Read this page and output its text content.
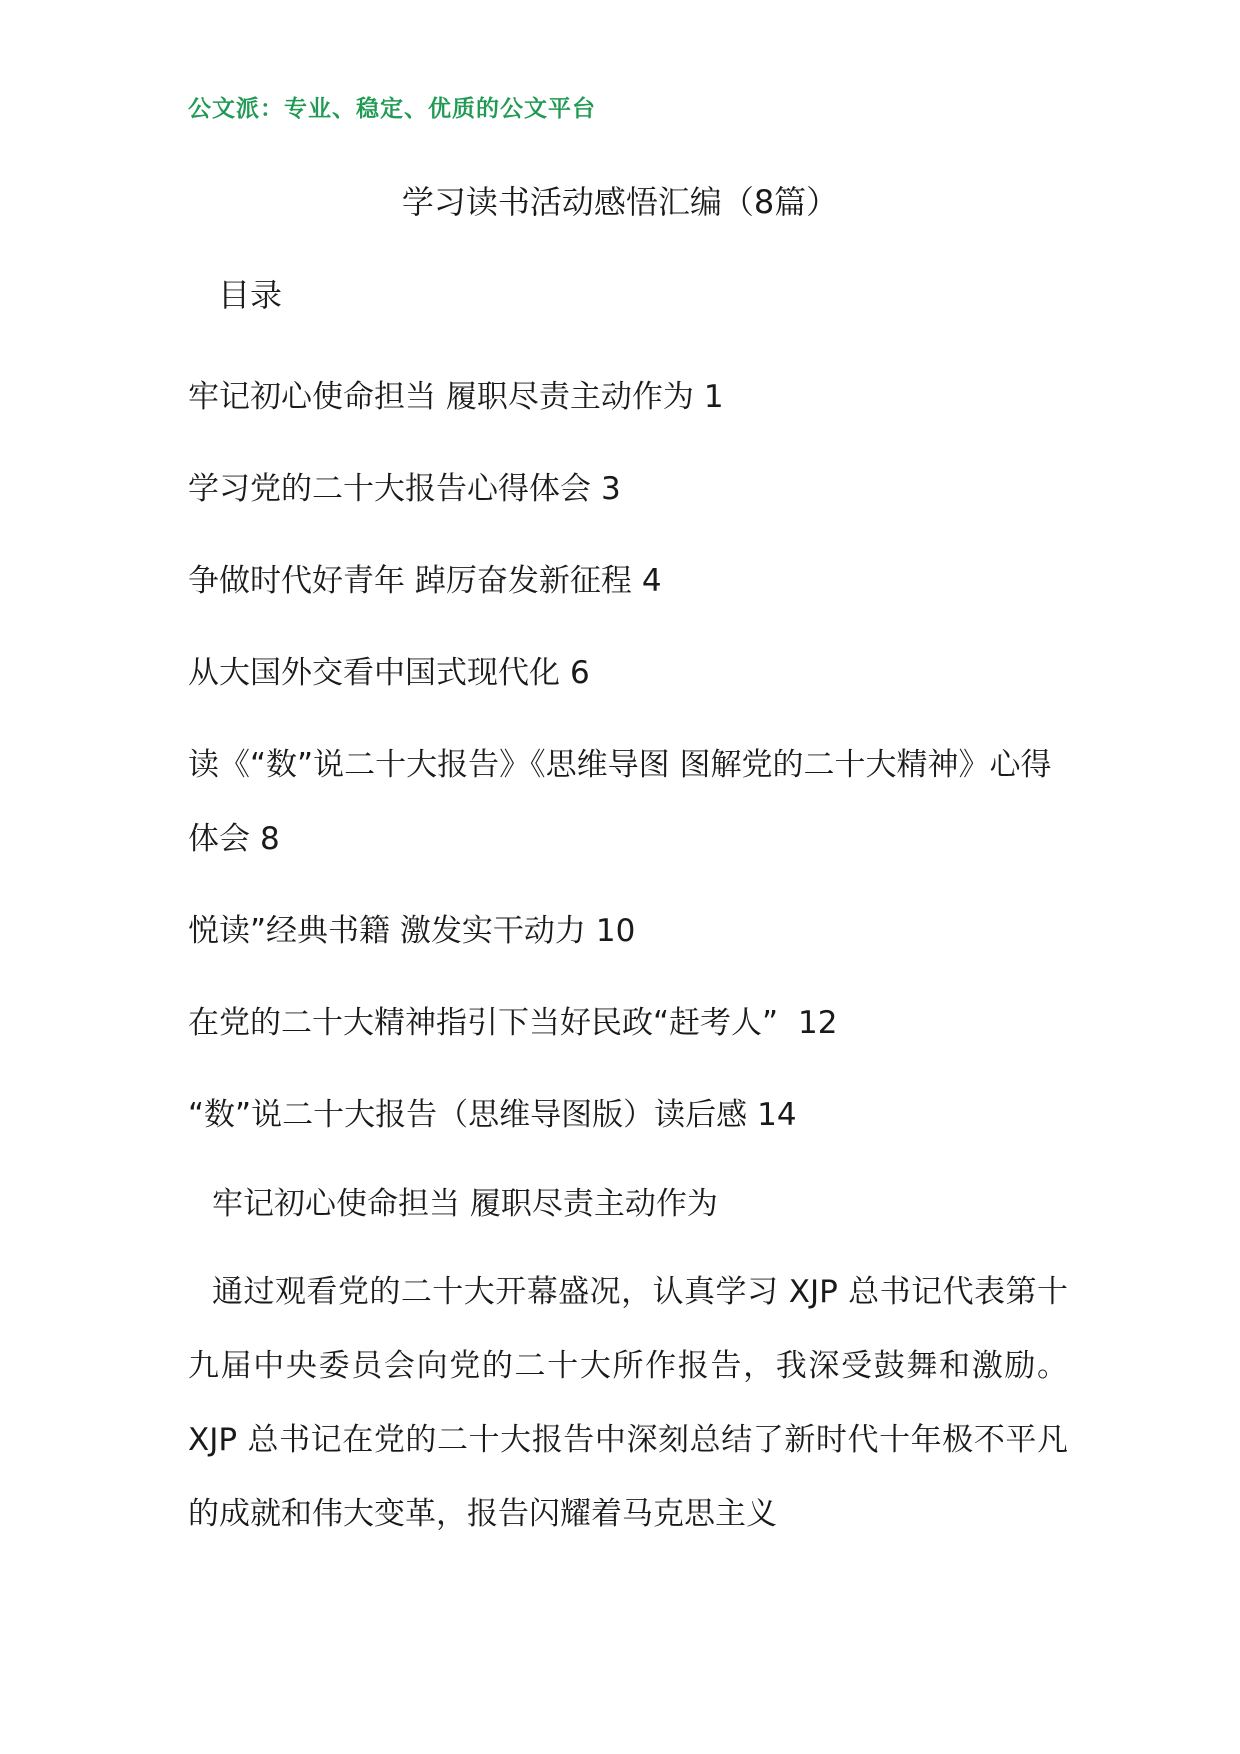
公文派：专业、稳定、优质的公文平台
学习读书活动感悟汇编（8篇）
目录
牢记初心使命担当 履职尽责主动作为 1
学习党的二十大报告心得体会 3
争做时代好青年 踔厉奋发新征程 4
从大国外交看中国式现代化 6
读《“数”说二十大报告》《思维导图 图解党的二十大精神》心得体会 8
悦读”经典书籍 激发实干动力 10
在党的二十大精神指引下当好民政“赶考人” 12
“数”说二十大报告（思维导图版）读后感 14
牢记初心使命担当 履职尽责主动作为

通过观看党的二十大开幕盛况，认真学习 XJP 总书记代表第十九届中央委员会向党的二十大所作报告，我深受鼓舞和激励。XJP 总书记在党的二十大报告中深刻总结了新时代十年极不平凡的成就和伟大变革，报告闪耀着马克思主义
